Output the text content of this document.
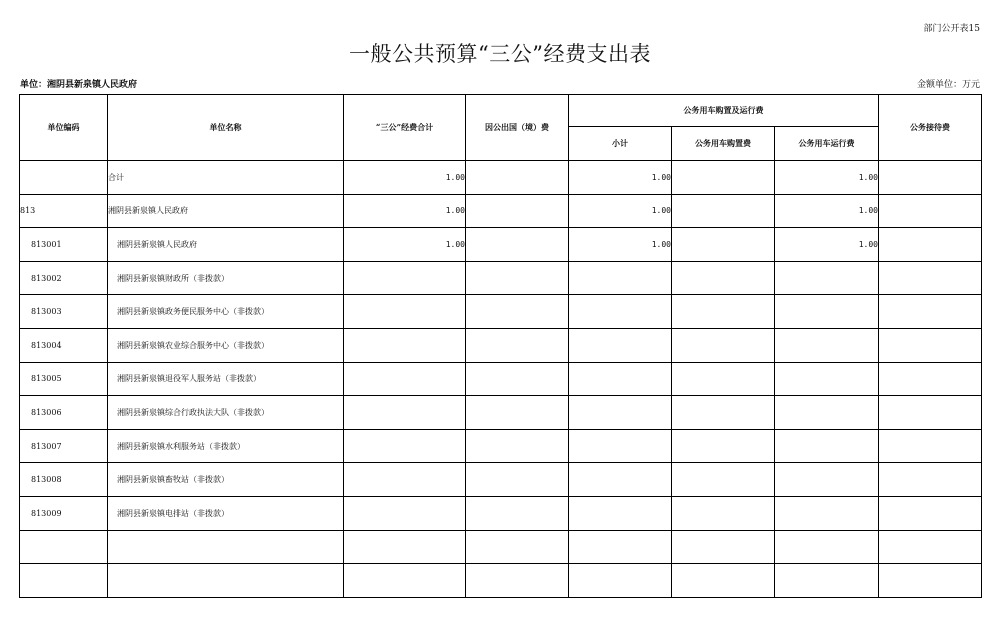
部门公开表15
一般公共预算“三公”经费支出表
单位：湘阴县新泉镇人民政府	金额单位：万元
单位编码	单位名称	“三公”经费合计	因公出国（境）费	公务用车购置及运行费			公务接待费
				小计	公务用车购置费	公务用车运行费	
	合计	1.00		1.00		1.00	
813	湘阴县新泉镇人民政府	1.00		1.00		1.00	
813001	湘阴县新泉镇人民政府	1.00		1.00		1.00	
813002	湘阴县新泉镇财政所（非拨款）						
813003	湘阴县新泉镇政务便民服务中心（非拨款）						
813004	湘阴县新泉镇农业综合服务中心（非拨款）						
813005	湘阴县新泉镇退役军人服务站（非拨款）						
813006	湘阴县新泉镇综合行政执法大队（非拨款）						
813007	湘阴县新泉镇水利服务站（非拨款）						
813008	湘阴县新泉镇畜牧站（非拨款）						
813009	湘阴县新泉镇电排站（非拨款）						
